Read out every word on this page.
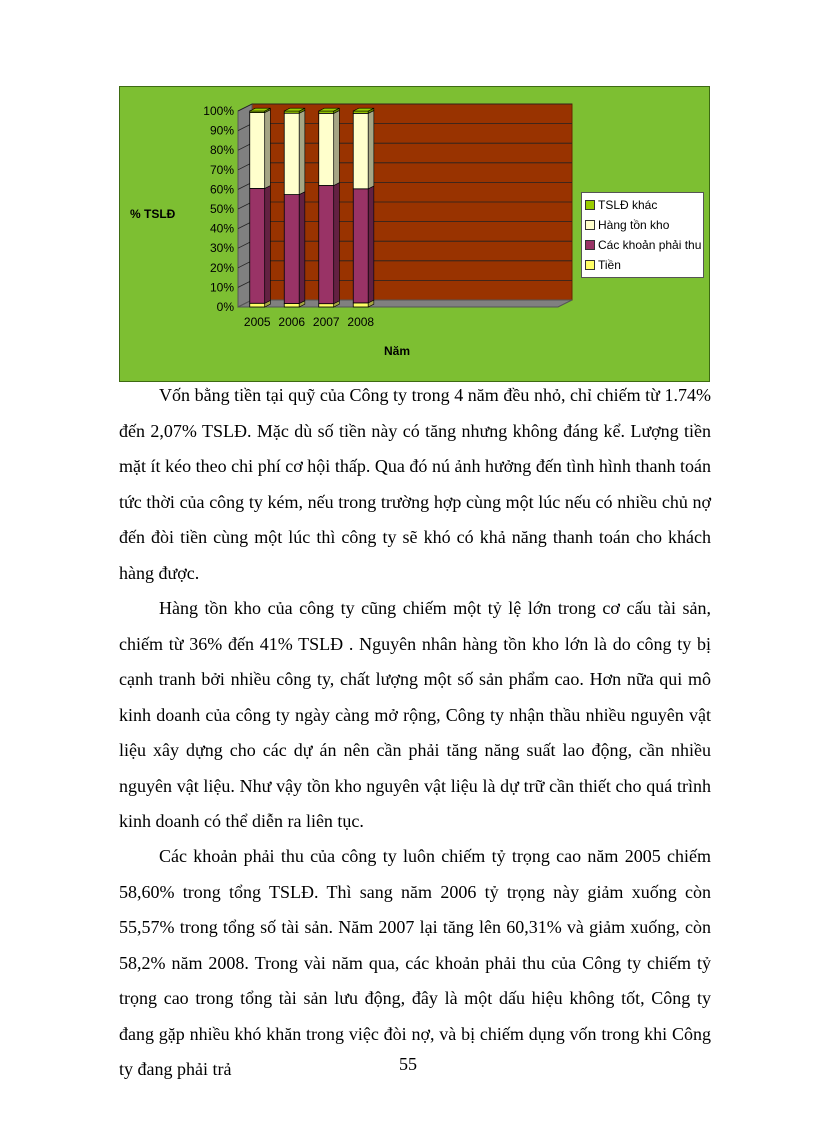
0%
10%
20%
30%
40%
50%
60%
70%
80%
90%
100%
2005 2006 2007 2008
% TSLĐ
Năm
TSLĐ khác
Hàng tồn kho
Các khoản phải thu
Tiền

Vốn bằng tiền tại quỹ của Công ty trong 4 năm đều nhỏ, chỉ chiếm từ 1.74% đến 2,07% TSLĐ. Mặc dù số tiền này có tăng nhưng không đáng kể. Lượng tiền mặt ít kéo theo chi phí cơ hội thấp. Qua đó nú ảnh hưởng đến tình hình thanh toán tức thời của công ty kém, nếu trong trường hợp cùng một lúc nếu có nhiều chủ nợ đến đòi tiền cùng một lúc thì công ty sẽ khó có khả năng thanh toán cho khách hàng được.

Hàng tồn kho của công ty cũng chiếm một tỷ lệ lớn trong cơ cấu tài sản, chiếm từ 36% đến 41% TSLĐ . Nguyên nhân hàng tồn kho lớn là do công ty bị cạnh tranh bởi nhiều công ty, chất lượng một số sản phẩm cao. Hơn nữa qui mô kinh doanh của công ty ngày càng mở rộng, Công ty nhận thầu nhiều nguyên vật liệu xây dựng cho các dự án nên cần phải tăng năng suất lao động, cần nhiều nguyên vật liệu. Như vậy tồn kho nguyên vật liệu là dự trữ cần thiết cho quá trình kinh doanh có thể diễn ra liên tục.

Các khoản phải thu của công ty luôn chiếm tỷ trọng cao năm 2005 chiếm 58,60% trong tổng TSLĐ. Thì sang năm 2006 tỷ trọng này giảm xuống còn 55,57% trong tổng số tài sản. Năm 2007 lại tăng lên 60,31% và giảm xuống, còn 58,2% năm 2008. Trong vài năm qua, các khoản phải thu của Công ty chiếm tỷ trọng cao trong tổng tài sản lưu động, đây là một dấu hiệu không tốt, Công ty đang gặp nhiều khó khăn trong việc đòi nợ, và bị chiếm dụng vốn trong khi Công ty đang phải trả	55
